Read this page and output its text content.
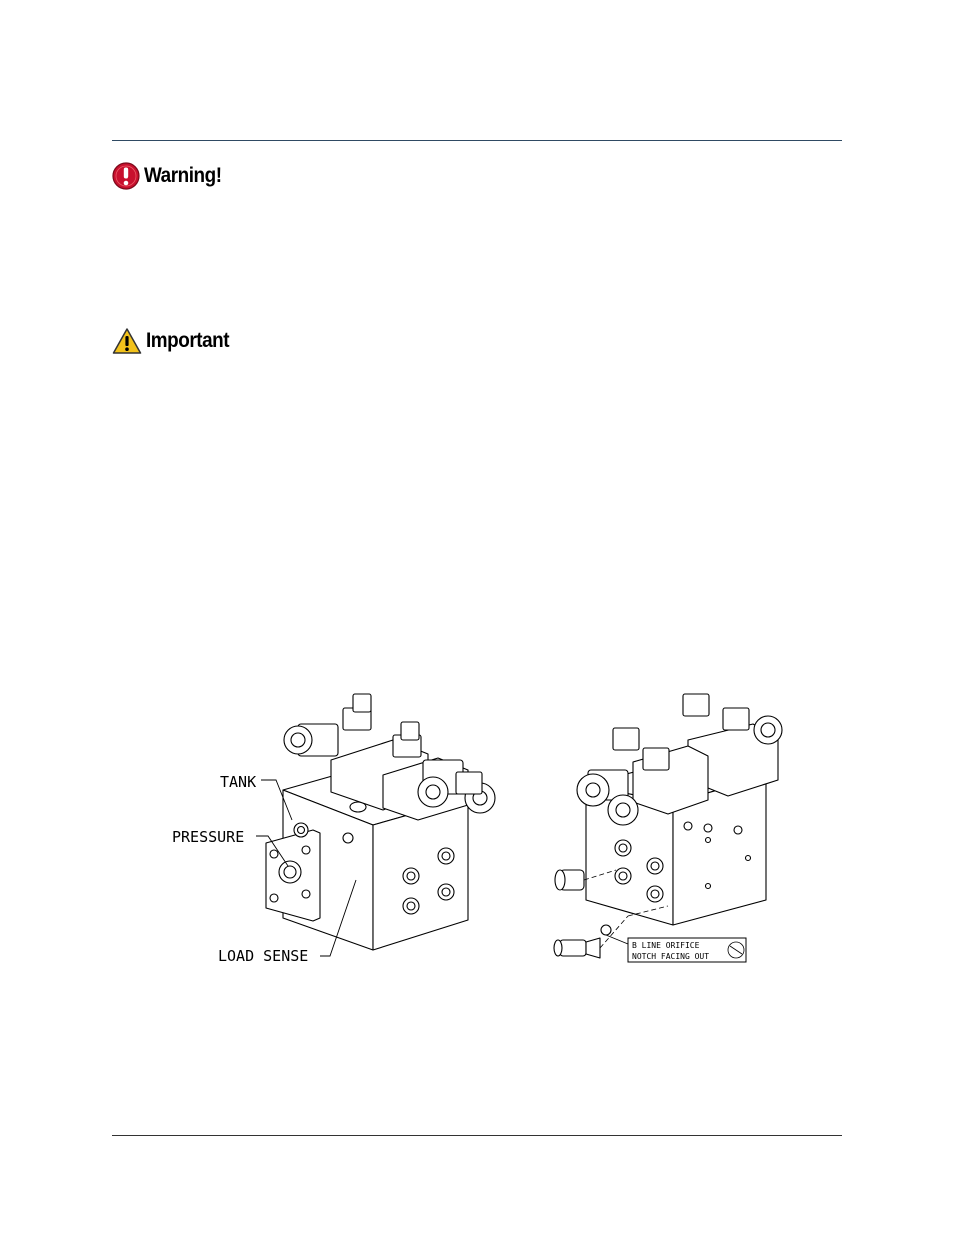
Warning!
Important
TANK
PRESSURE
LOAD SENSE
B LINE ORIFICE
NOTCH FACING OUT
